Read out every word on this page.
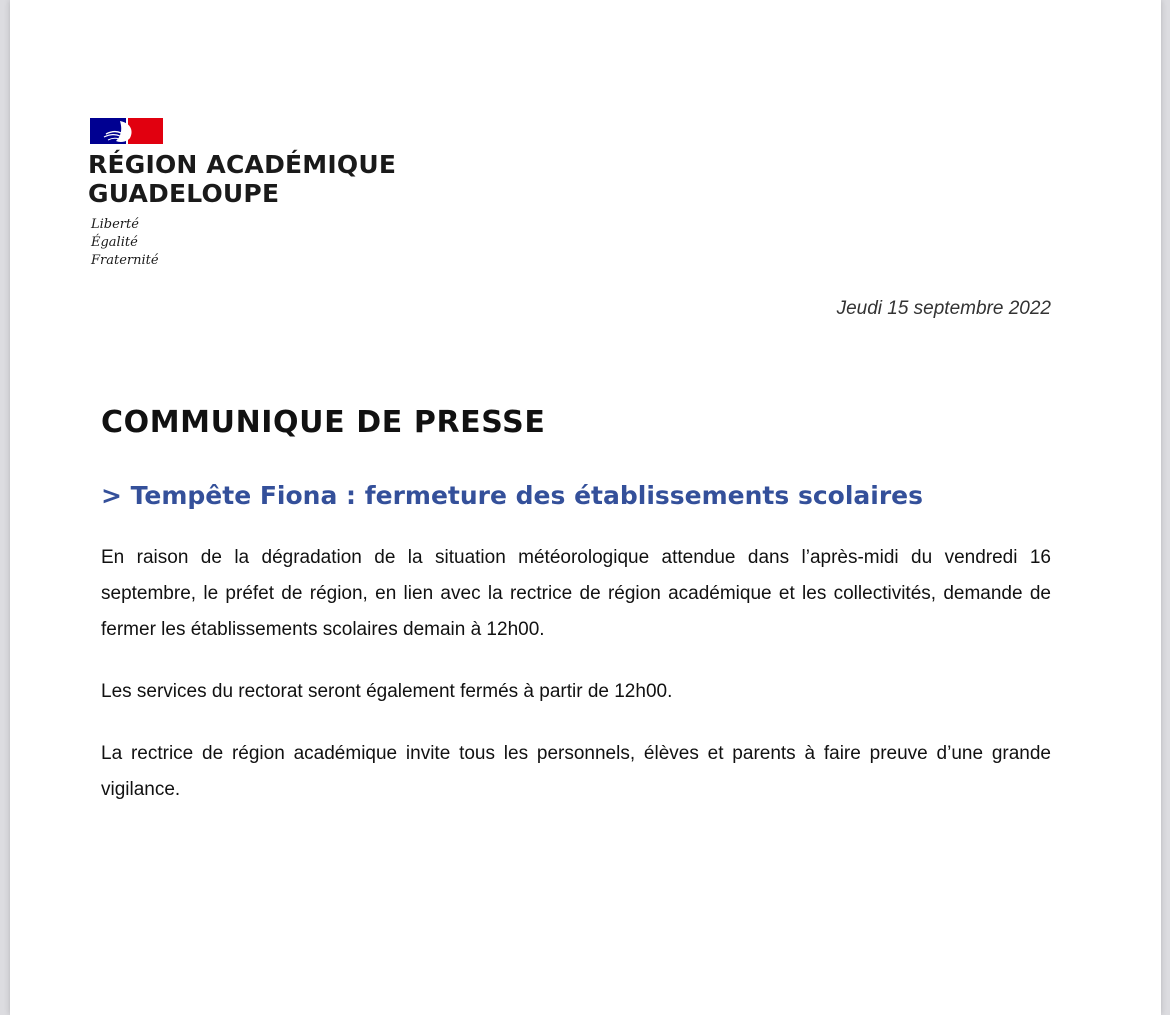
RÉGION ACADÉMIQUE
GUADELOUPE
Liberté
Égalité
Fraternité
Jeudi 15 septembre 2022
COMMUNIQUE DE PRESSE
> Tempête Fiona : fermeture des établissements scolaires

En raison de la dégradation de la situation météorologique attendue dans l’après-midi du vendredi 16 septembre, le préfet de région, en lien avec la rectrice de région académique et les collectivités, demande de fermer les établissements scolaires demain à 12h00.

Les services du rectorat seront également fermés à partir de 12h00.

La rectrice de région académique invite tous les personnels, élèves et parents à faire preuve d’une grande vigilance.
